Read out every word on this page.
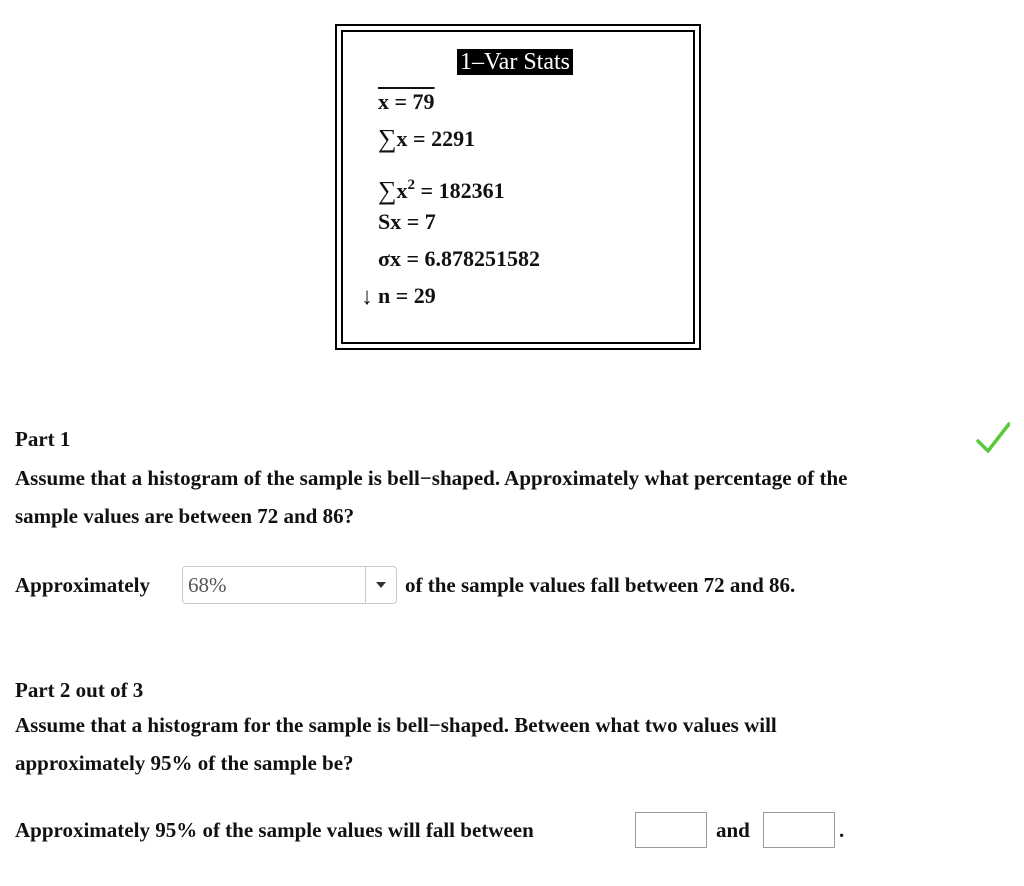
1–Var Stats
x = 79
∑x = 2291
$\sum x^2 = 182361$
Sx = 7
σx = 6.878251582
↓ n = 29
Part 1
Assume that a histogram of the sample is bell−shaped. Approximately what percentage of the
sample values are between 72 and 86?
Approximately 68%	of the sample values fall between 72 and 86.
Part 2 out of 3
Assume that a histogram for the sample is bell−shaped. Between what two values will
approximately 95% of the sample be?
Approximately 95% of the sample values will fall between	and	.
